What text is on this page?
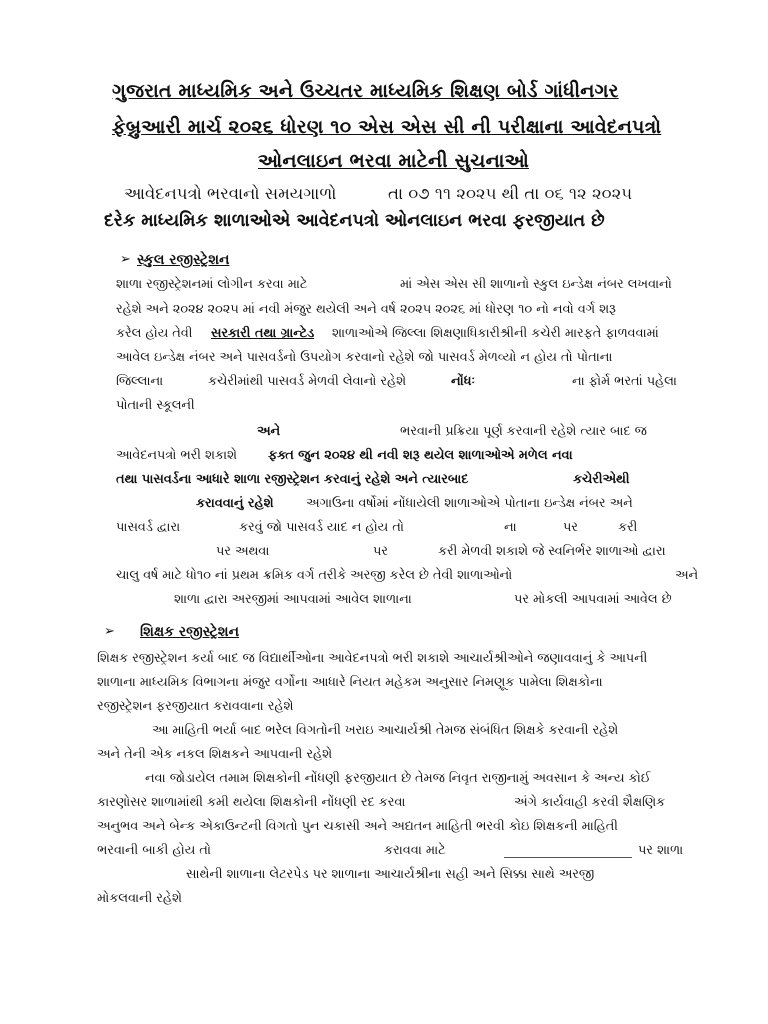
ગુજરાત માધ્યમિક અને ઉચ્ચતર માધ્યમિક શિક્ષણ બોર્ડ ગાંધીનગર
ફેબ્રુઆરી માર્ચ ૨૦૨૬ ધોરણ ૧૦ એસ એસ સી ની પરીક્ષાના આવેદનપત્રો
ઓનલાઇન ભરવા માટેની સુચનાઓ
આવેદનપત્રો ભરવાનો સમયગાળો	તા ૦૭ ૧૧ ૨૦૨૫ થી તા ૦૬ ૧૨ ૨૦૨૫
દરેક માધ્યમિક શાળાઓએ આવેદનપત્રો ઓનલાઇન ભરવા ફરજીયાત છે
➢ સ્કુલ રજીસ્ટ્રેશન
શાળા રજીસ્ટ્રેશનમાં લોગીન કરવા માટે	માં એસ એસ સી શાળાનો સ્કુલ ઇન્ડેક્ષ નંબર લખવાનો
રહેશે અને ૨૦૨૪ ૨૦૨૫ માં નવી મંજુર થયેલી અને વર્ષ ૨૦૨૫ ૨૦૨૬ માં ધોરણ ૧૦ નો નવો વર્ગ શરૂ
કરેલ હોય તેવી સરકારી તથા ગ્રાન્ટેડ શાળાઓએ જિલ્લા શિક્ષણાધિકારીશ્રીની કચેરી મારફતે ફાળવવામાં
આવેલ ઇન્ડેક્ષ નંબર અને પાસવર્ડનો ઉપયોગ કરવાનો રહેશે જો પાસવર્ડ મેળવ્યો ન હોય તો પોતાના
જિલ્લાના	કચેરીમાંથી પાસવર્ડ મેળવી લેવાનો રહેશે	નોંધઃ	ના ફોર્મ ભરતાં પહેલા
પોતાની સ્કૂલની
અને	ભરવાની પ્રક્રિયા પૂર્ણ કરવાની રહેશે ત્યાર બાદ જ
આવેદનપત્રો ભરી શકાશે ફક્ત જુન ૨૦૨૪ થી નવી શરૂ થયેલ શાળાઓએ મળેલ નવા
તથા પાસવર્ડના આધારે શાળા રજીસ્ટ્રેશન કરવાનું રહેશે અને ત્યારબાદ	કચેરીએથી
કરાવવાનું રહેશે	અગાઉના વર્ષોમાં નોંધાયેલી શાળાઓએ પોતાના ઇન્ડેક્ષ નંબર અને
પાસવર્ડ દ્વારા	કરવું જો પાસવર્ડ યાદ ન હોય તો	ના	પર	કરી
પર અથવા	પર	કરી મેળવી શકાશે જે સ્વનિર્ભર શાળાઓ દ્વારા
ચાલુ વર્ષ માટે ધો૧૦ નાં પ્રથમ ક્રમિક વર્ગ તરીકે અરજી કરેલ છે તેવી શાળાઓનો	અને
શાળા દ્વારા અરજીમાં આપવામાં આવેલ શાળાના	પર મોકલી આપવામાં આવેલ છે
➢ શિક્ષક રજીસ્ટ્રેશન
શિક્ષક રજીસ્ટ્રેશન કર્યા બાદ જ વિદ્યાર્થીઓના આવેદનપત્રો ભરી શકાશે આચાર્યશ્રીઓને જણાવવાનું કે આપની
શાળાના માધ્યમિક વિભાગના મંજુર વર્ગોના આધારે નિયત મહેકમ અનુસાર નિમણૂક પામેલા શિક્ષકોના
રજીસ્ટ્રેશન ફરજીયાત કરાવવાના રહેશે
આ માહિતી ભર્યા બાદ ભરેલ વિગતોની ખરાઇ આચાર્યશ્રી તેમજ સંબંધિત શિક્ષકે કરવાની રહેશે
અને તેની એક નકલ શિક્ષકને આપવાની રહેશે
નવા જોડાયેલ તમામ શિક્ષકોની નોંધણી ફરજીયાત છે તેમજ નિવૃત રાજીનામું અવસાન કે અન્ય કોઈ
કારણોસર શાળામાંથી કમી થયેલા શિક્ષકોની નોંધણી રદ કરવા	અંગે કાર્યવાહી કરવી શૈક્ષણિક
અનુભવ અને બેન્ક એકાઉન્ટની વિગતો પુન ચકાસી અને અદ્યતન માહિતી ભરવી કોઇ શિક્ષકની માહિતી
ભરવાની બાકી હોય તો	કરાવવા માટે	પર શાળા
સાથેની શાળાના લેટરપેડ પર શાળાના આચાર્યશ્રીના સહી અને સિક્કા સાથે અરજી
મોકલવાની રહેશે
